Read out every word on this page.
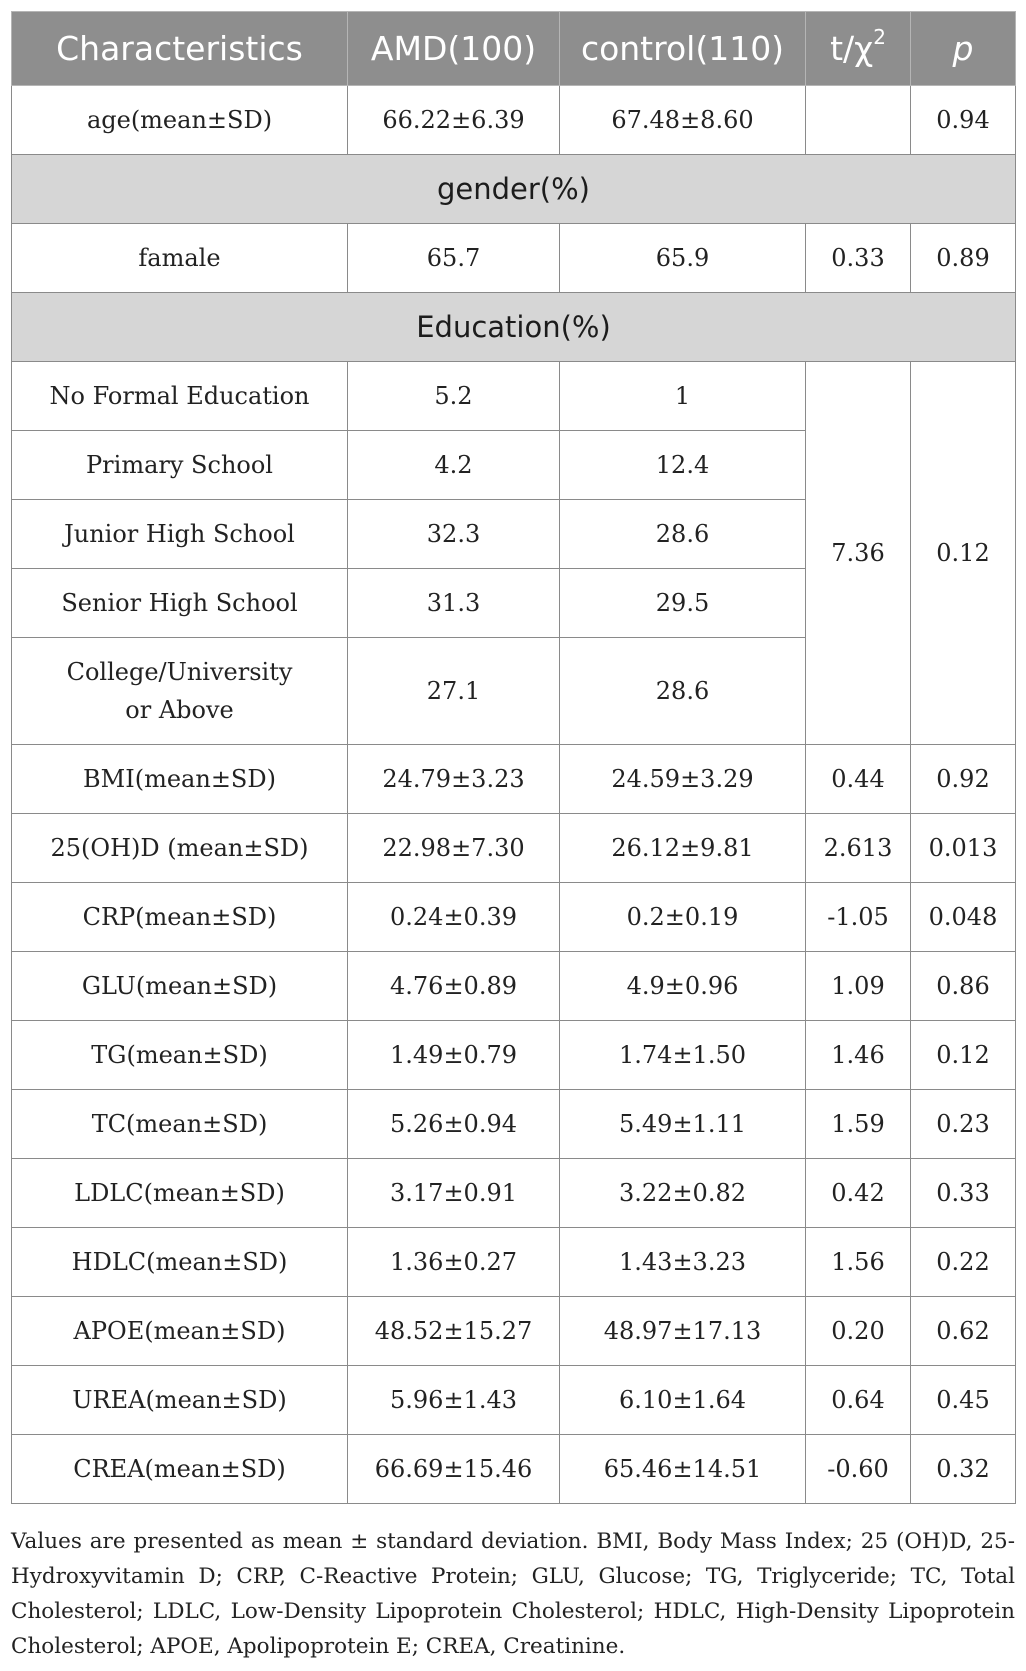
Characteristics	AMD(100)	control(110)	$t/\chi^2$	p
age(mean±SD)	66.22±6.39	67.48±8.60		0.94
gender(%)				
famale	65.7	65.9	0.33	0.89
Education(%)				
No Formal Education	5.2	1	7.36	0.12
Primary School	4.2	12.4		
Junior High School	32.3	28.6		
Senior High School	31.3	29.5		
College/University
or Above	27.1	28.6		
BMI(mean±SD)	24.79±3.23	24.59±3.29	0.44	0.92
25(OH)D (mean±SD)	22.98±7.30	26.12±9.81	2.613	0.013
CRP(mean±SD)	0.24±0.39	0.2±0.19	-1.05	0.048
GLU(mean±SD)	4.76±0.89	4.9±0.96	1.09	0.86
TG(mean±SD)	1.49±0.79	1.74±1.50	1.46	0.12
TC(mean±SD)	5.26±0.94	5.49±1.11	1.59	0.23
LDLC(mean±SD)	3.17±0.91	3.22±0.82	0.42	0.33
HDLC(mean±SD)	1.36±0.27	1.43±3.23	1.56	0.22
APOE(mean±SD)	48.52±15.27	48.97±17.13	0.20	0.62
UREA(mean±SD)	5.96±1.43	6.10±1.64	0.64	0.45
CREA(mean±SD)	66.69±15.46	65.46±14.51	-0.60	0.32
Values are presented as mean ± standard deviation. BMI, Body Mass Index; 25 (OH)D, 25-Hydroxyvitamin D; CRP, C-Reactive Protein; GLU, Glucose; TG, Triglyceride; TC, Total Cholesterol; LDLC, Low-Density Lipoprotein Cholesterol; HDLC, High-Density Lipoprotein Cholesterol; APOE, Apolipoprotein E; CREA, Creatinine.
